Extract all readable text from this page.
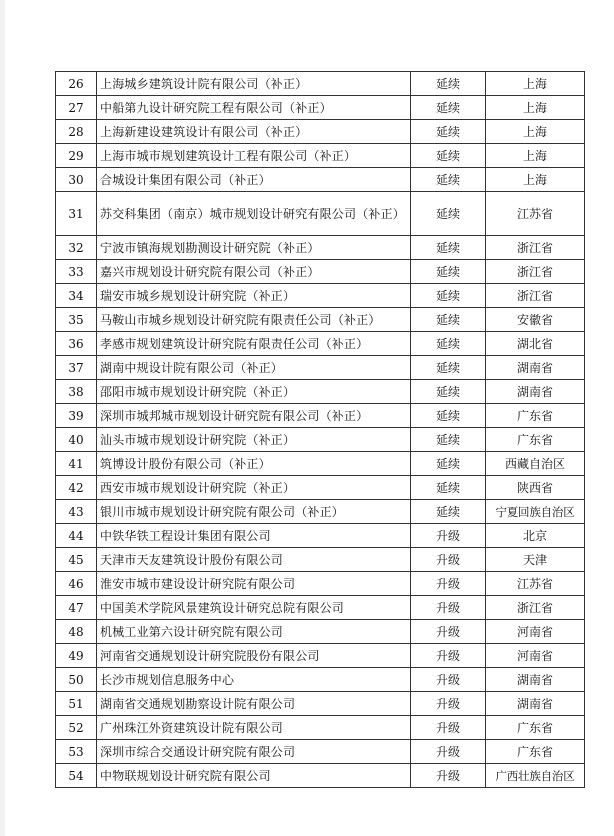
26	上海城乡建筑设计院有限公司（补正）	延续	上海
27	中船第九设计研究院工程有限公司（补正）	延续	上海
28	上海新建设建筑设计有限公司（补正）	延续	上海
29	上海市城市规划建筑设计工程有限公司（补正）	延续	上海
30	合城设计集团有限公司（补正）	延续	上海
31	苏交科集团（南京）城市规划设计研究有限公司（补正）	延续	江苏省
32	宁波市镇海规划勘测设计研究院（补正）	延续	浙江省
33	嘉兴市规划设计研究院有限公司（补正）	延续	浙江省
34	瑞安市城乡规划设计研究院（补正）	延续	浙江省
35	马鞍山市城乡规划设计研究院有限责任公司（补正）	延续	安徽省
36	孝感市规划建筑设计研究院有限责任公司（补正）	延续	湖北省
37	湖南中规设计院有限公司（补正）	延续	湖南省
38	邵阳市城市规划设计研究院（补正）	延续	湖南省
39	深圳市城邦城市规划设计研究院有限公司（补正）	延续	广东省
40	汕头市城市规划设计研究院（补正）	延续	广东省
41	筑博设计股份有限公司（补正）	延续	西藏自治区
42	西安市城市规划设计研究院（补正）	延续	陕西省
43	银川市城市规划设计研究院有限公司（补正）	延续	宁夏回族自治区
44	中铁华铁工程设计集团有限公司	升级	北京
45	天津市天友建筑设计股份有限公司	升级	天津
46	淮安市城市建设设计研究院有限公司	升级	江苏省
47	中国美术学院风景建筑设计研究总院有限公司	升级	浙江省
48	机械工业第六设计研究院有限公司	升级	河南省
49	河南省交通规划设计研究院股份有限公司	升级	河南省
50	长沙市规划信息服务中心	升级	湖南省
51	湖南省交通规划勘察设计院有限公司	升级	湖南省
52	广州珠江外资建筑设计院有限公司	升级	广东省
53	深圳市综合交通设计研究院有限公司	升级	广东省
54	中物联规划设计研究院有限公司	升级	广西壮族自治区
